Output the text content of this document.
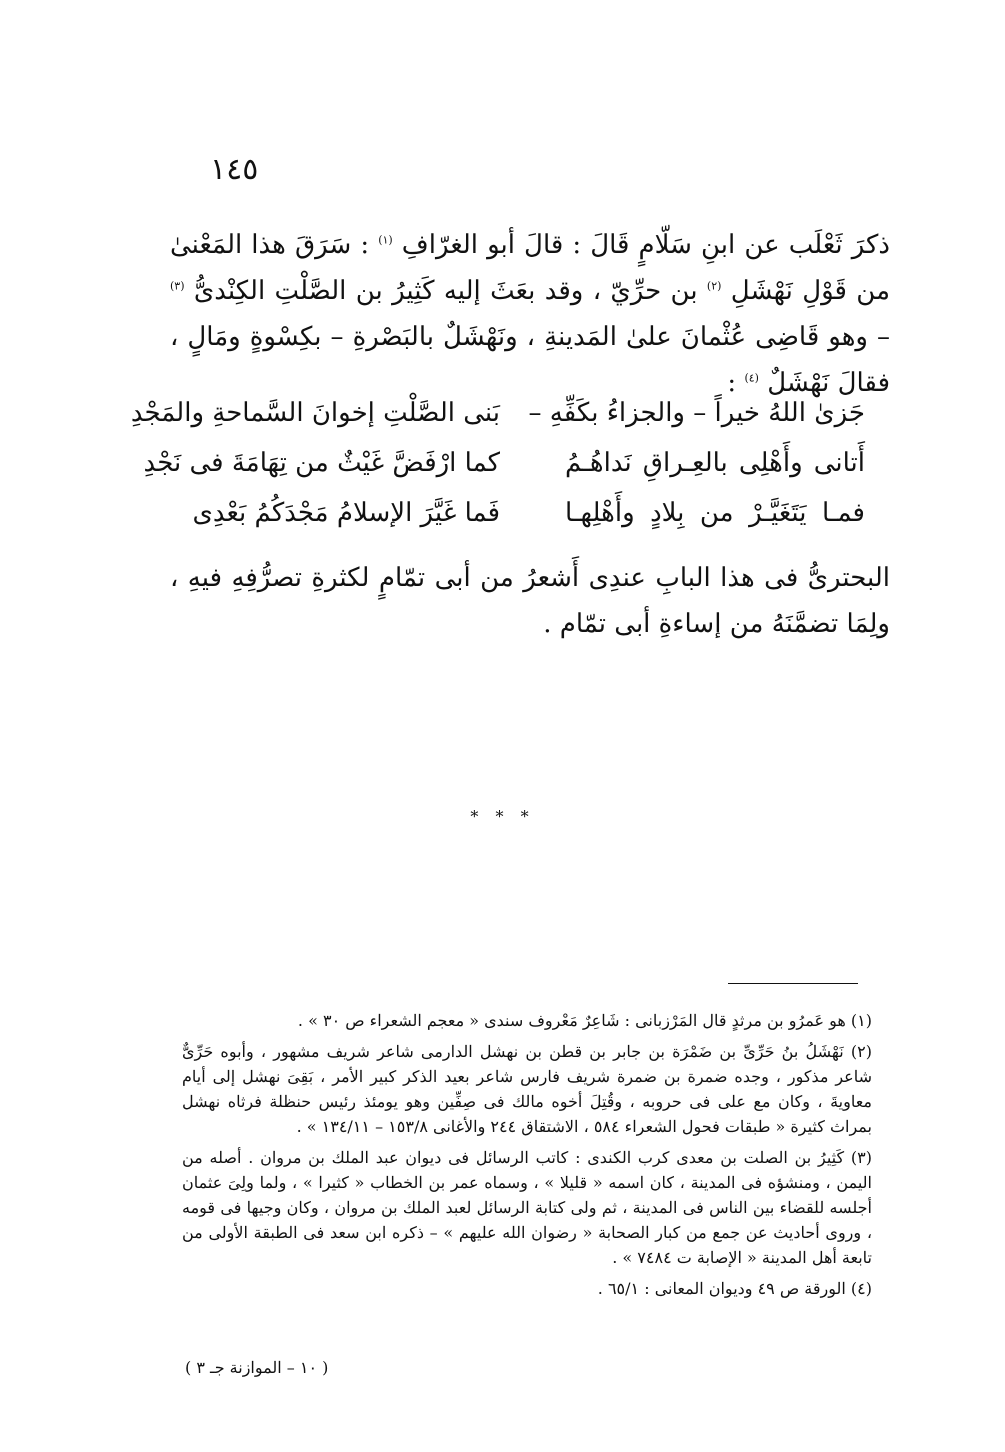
١٤٥

ذكرَ ثَعْلَب عن ابنِ سَلّامٍ قَالَ : قالَ أبو الغرّافِ $^{(١)}$ : سَرَقَ هذا المَعْنىٰ من قَوْلِ نَهْشَلِ $^{(٢)}$ بن حرِّيّ ، وقد بعَثَ إليه كَثِيرُ بن الصَّلْتِ الكِنْدىُّ $^{(٣)}$ – وهو قَاضِى عُثْمانَ علىٰ المَدينةِ ، ونَهْشَلٌ بالبَصْرةِ – بكِسْوةٍ ومَالٍ ، فقالَ نَهْشَلٌ $^{(٤)}$ :

جَزىٰ اللهُ خيراً – والجزاءُ بكَفِّهِ –
بَنى الصَّلْتِ إخوانَ السَّماحةِ والمَجْدِ
أَتانى وأَهْلِى بالعِـراقِ نَداهُـمُ
كما ارْفَضَّ غَيْثٌ من تِهَامَةَ فى نَجْدِ
فمـا يَتَغَيَّـرْ من بِلادٍ وأَهْلِهـا
فَما غَيَّرَ الإسلامُ مَجْدَكُمُ بَعْدِى

البحترىُّ فى هذا البابِ عندِى أَشعرُ من أبى تمّامٍ لكثرةِ تصرُّفِهِ فيهِ ، ولِمَا تضمَّنَهُ من إساءةِ أبى تمّام .

* * *

(١) هو عَمرُو بن مرثدٍ قال المَرْزبانى : شَاعِرٌ مَعْروف سندى « معجم الشعراء ص ٣٠ » .

(٢) نَهْشَلُ بنُ حَرِّىِّ بن ضَمْرَة بن جابر بن قطن بن نهشل الدارمى شاعر شريف مشهور ، وأبوه حَرِّىٌّ شاعر مذكور ، وجده ضمرة بن ضمرة شريف فارس شاعر بعيد الذكر كبير الأمر ، بَقِىَ نهشل إلى أيام معاويةَ ، وكان مع على فى حروبه ، وقُتِلَ أخوه مالك فى صِفِّين وهو يومئذ رئيس حنظلة فرثاه نهشل بمراث كثيرة « طبقات فحول الشعراء ٥٨٤ ، الاشتقاق ٢٤٤ والأغانى ١٥٣/٨ – ١٣٤/١١ » .

(٣) كَثِيرُ بن الصلت بن معدى كرب الكندى : كاتب الرسائل فى ديوان عبد الملك بن مروان . أصله من اليمن ، ومنشؤه فى المدينة ، كان اسمه « قليلا » ، وسماه عمر بن الخطاب « كثيرا » ، ولما ولِىَ عثمان أجلسه للقضاء بين الناس فى المدينة ، ثم ولى كتابة الرسائل لعبد الملك بن مروان ، وكان وجيها فى قومه ، وروى أحاديث عن جمع من كبار الصحابة « رضوان الله عليهم » – ذكره ابن سعد فى الطبقة الأولى من تابعة أهل المدينة « الإصابة ت ٧٤٨٤ » .

(٤) الورقة ص ٤٩ وديوان المعانى : ٦٥/١ .

( ١٠ – الموازنة جـ ٣ )
